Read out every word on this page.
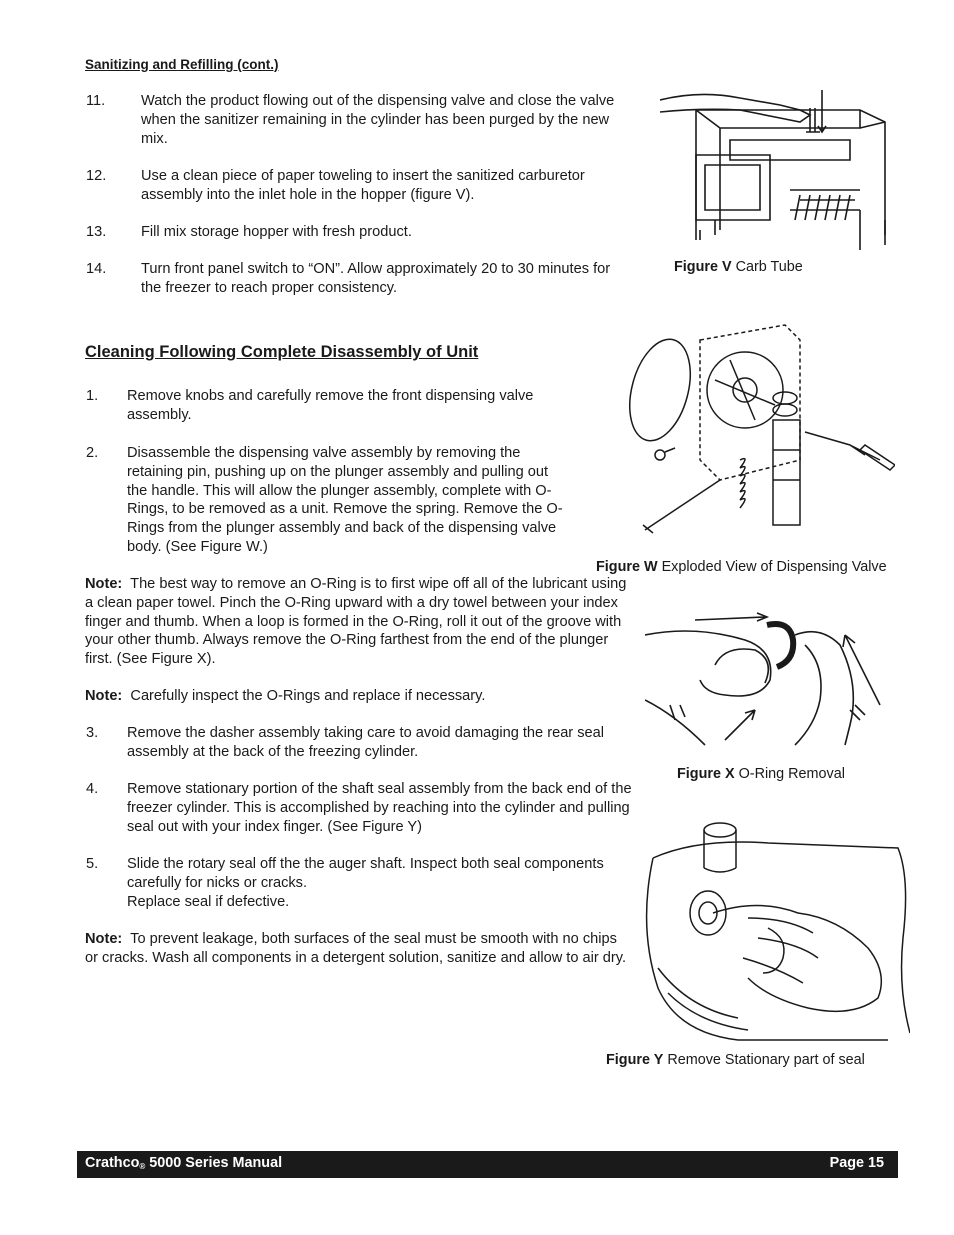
Sanitizing and Refilling (cont.)
11. Watch the product flowing out of the dispensing valve and close the valve when the sanitizer remaining in the cylinder has been purged by the new mix.
12. Use a clean piece of paper toweling to insert the sanitized carburetor assembly into the inlet hole in the hopper (figure V).
13. Fill mix storage hopper with fresh product.
14. Turn front panel switch to “ON”. Allow approximately 20 to 30 minutes for the freezer to reach proper consistency.
Cleaning Following Complete Disassembly of Unit
1. Remove knobs and carefully remove the front dispensing valve assembly.
2. Disassemble the dispensing valve assembly by removing the retaining pin, pushing up on the plunger assembly and pulling out the handle. This will allow the plunger assembly, complete with O-Rings, to be removed as a unit. Remove the spring. Remove the O-Rings from the plunger assembly and back of the dispensing valve body. (See Figure W.)
Note: The best way to remove an O-Ring is to first wipe off all of the lubricant using a clean paper towel. Pinch the O-Ring upward with a dry towel between your index finger and thumb. When a loop is formed in the O-Ring, roll it out of the groove with your other thumb. Always remove the O-Ring farthest from the end of the plunger first. (See Figure X).
Note: Carefully inspect the O-Rings and replace if necessary.
3. Remove the dasher assembly taking care to avoid damaging the rear seal assembly at the back of the freezing cylinder.
4. Remove stationary portion of the shaft seal assembly from the back end of the freezer cylinder. This is accomplished by reaching into the cylinder and pulling seal out with your index finger. (See Figure Y)
5. Slide the rotary seal off the the auger shaft. Inspect both seal components carefully for nicks or cracks.
Replace seal if defective.
Note: To prevent leakage, both surfaces of the seal must be smooth with no chips or cracks. Wash all components in a detergent solution, sanitize and allow to air dry.
Figure V Carb Tube
Figure W Exploded View of Dispensing Valve
Figure X O-Ring Removal
Figure Y Remove Stationary part of seal
Crathco$_®$ 5000 Series Manual	Page 15
